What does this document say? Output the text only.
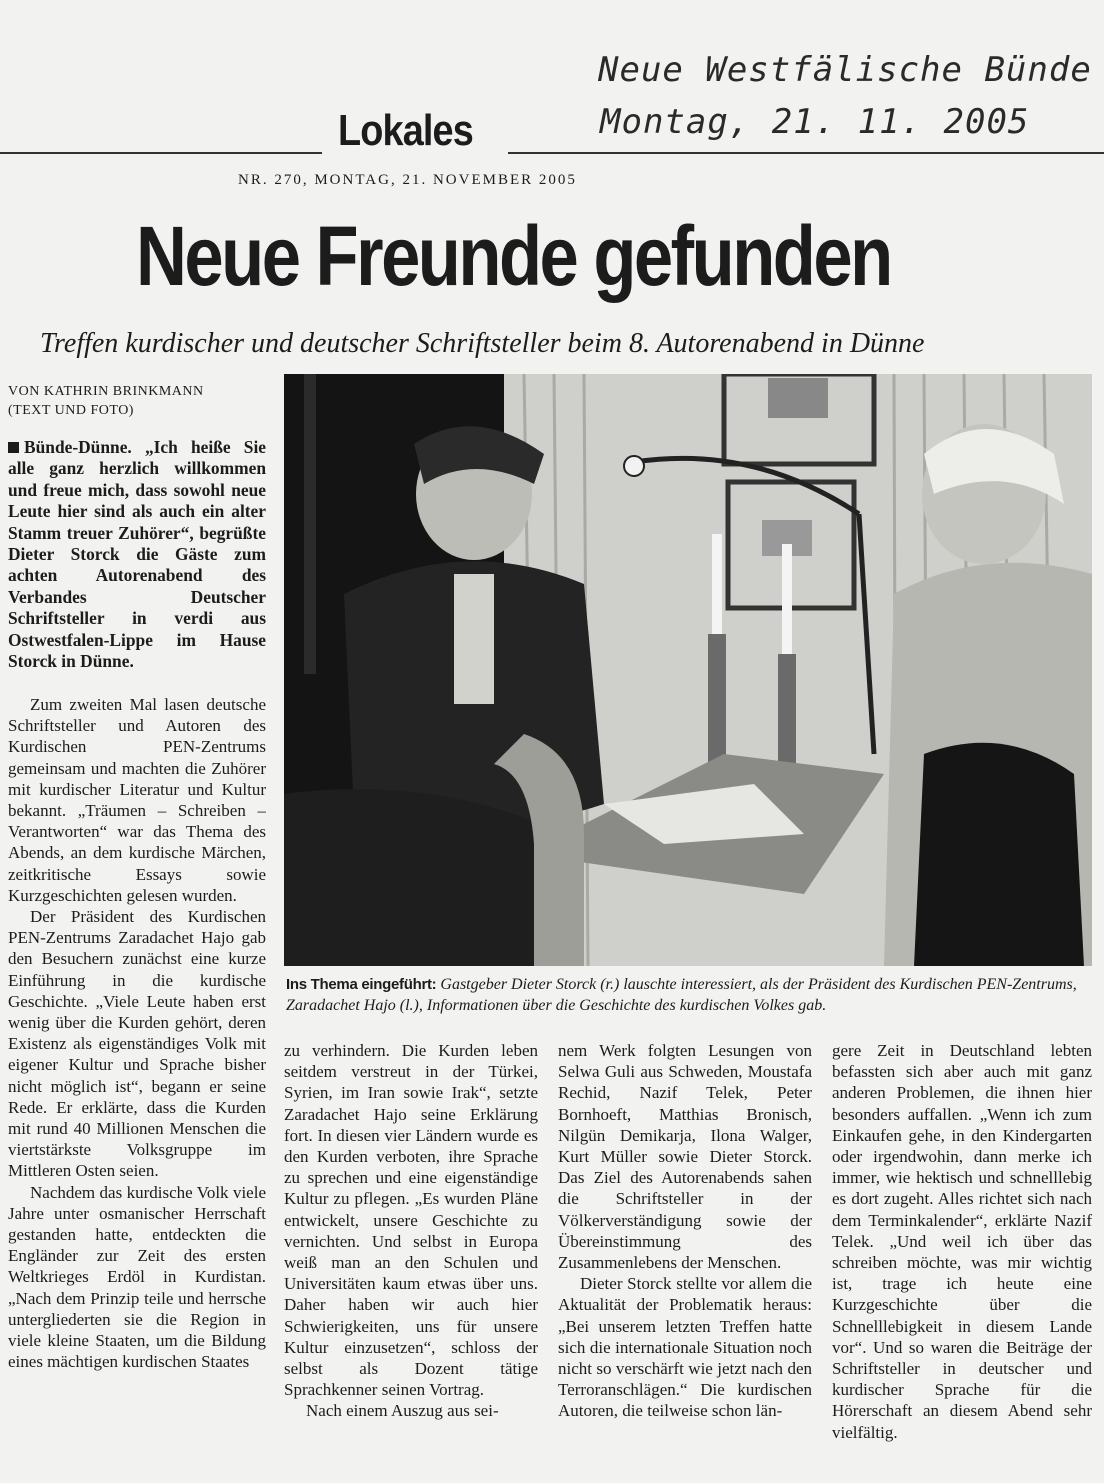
Neue Westfälische Bünde
Montag, 21. 11. 2005
Lokales
NR. 270, MONTAG, 21. NOVEMBER 2005
Neue Freunde gefunden
Treffen kurdischer und deutscher Schriftsteller beim 8. Autorenabend in Dünne
VON KATHRIN BRINKMANN
(TEXT UND FOTO)
Bünde-Dünne. „Ich heiße Sie alle ganz herzlich willkommen und freue mich, dass sowohl neue Leute hier sind als auch ein alter Stamm treuer Zuhörer“, begrüßte Dieter Storck die Gäste zum achten Autorenabend des Verbandes Deutscher Schriftsteller in verdi aus Ostwestfalen-Lippe im Hause Storck in Dünne.
Ins Thema eingeführt: Gastgeber Dieter Storck (r.) lauschte interessiert, als der Präsident des Kurdischen PEN-Zentrums, Zaradachet Hajo (l.), Informationen über die Geschichte des kurdischen Volkes gab.

Zum zweiten Mal lasen deutsche Schriftsteller und Autoren des Kurdischen PEN-Zentrums gemeinsam und machten die Zuhörer mit kurdischer Literatur und Kultur bekannt. „Träumen – Schreiben – Verantworten“ war das Thema des Abends, an dem kurdische Märchen, zeitkritische Essays sowie Kurzgeschichten gelesen wurden.

Der Präsident des Kurdischen PEN-Zentrums Zaradachet Hajo gab den Besuchern zunächst eine kurze Einführung in die kurdische Geschichte. „Viele Leute haben erst wenig über die Kurden gehört, deren Existenz als eigenständiges Volk mit eigener Kultur und Sprache bisher nicht möglich ist“, begann er seine Rede. Er erklärte, dass die Kurden mit rund 40 Millionen Menschen die viertstärkste Volksgruppe im Mittleren Osten seien.

Nachdem das kurdische Volk viele Jahre unter osmanischer Herrschaft gestanden hatte, entdeckten die Engländer zur Zeit des ersten Weltkrieges Erdöl in Kurdistan. „Nach dem Prinzip teile und herrsche untergliederten sie die Region in viele kleine Staaten, um die Bildung eines mächtigen kurdischen Staates

zu verhindern. Die Kurden leben seitdem verstreut in der Türkei, Syrien, im Iran sowie Irak“, setzte Zaradachet Hajo seine Erklärung fort. In diesen vier Ländern wurde es den Kurden verboten, ihre Sprache zu sprechen und eine eigenständige Kultur zu pflegen. „Es wurden Pläne entwickelt, unsere Geschichte zu vernichten. Und selbst in Europa weiß man an den Schulen und Universitäten kaum etwas über uns. Daher haben wir auch hier Schwierigkeiten, uns für unsere Kultur einzusetzen“, schloss der selbst als Dozent tätige Sprachkenner seinen Vortrag.

Nach einem Auszug aus sei-

nem Werk folgten Lesungen von Selwa Guli aus Schweden, Moustafa Rechid, Nazif Telek, Peter Bornhoeft, Matthias Bronisch, Nilgün Demikarja, Ilona Walger, Kurt Müller sowie Dieter Storck. Das Ziel des Autorenabends sahen die Schriftsteller in der Völkerverständigung sowie der Übereinstimmung des Zusammenlebens der Menschen.

Dieter Storck stellte vor allem die Aktualität der Problematik heraus: „Bei unserem letzten Treffen hatte sich die internationale Situation noch nicht so verschärft wie jetzt nach den Terroranschlägen.“ Die kurdischen Autoren, die teilweise schon län-

gere Zeit in Deutschland lebten befassten sich aber auch mit ganz anderen Problemen, die ihnen hier besonders auffallen. „Wenn ich zum Einkaufen gehe, in den Kindergarten oder irgendwohin, dann merke ich immer, wie hektisch und schnelllebig es dort zugeht. Alles richtet sich nach dem Terminkalender“, erklärte Nazif Telek. „Und weil ich über das schreiben möchte, was mir wichtig ist, trage ich heute eine Kurzgeschichte über die Schnelllebigkeit in diesem Lande vor“. Und so waren die Beiträge der Schriftsteller in deutscher und kurdischer Sprache für die Hörerschaft an diesem Abend sehr vielfältig.
